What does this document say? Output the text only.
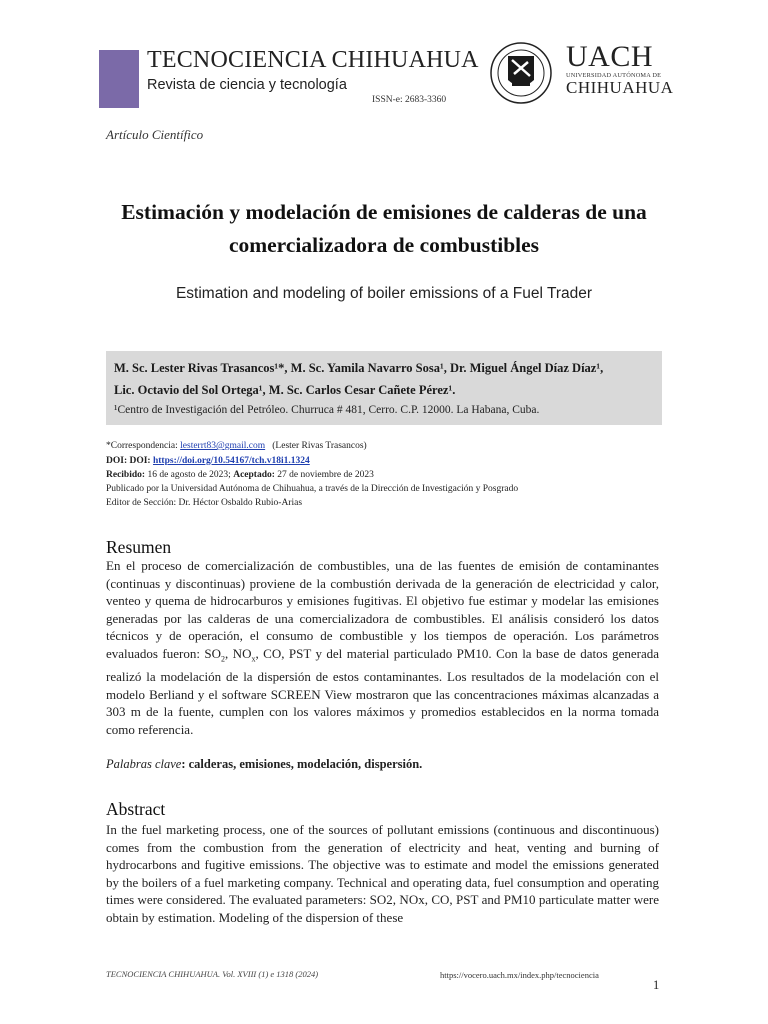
TECNOCIENCIA CHIHUAHUA
Revista de ciencia y tecnología
ISSN-e: 2683-3360
UACH
UNIVERSIDAD AUTÓNOMA DE
CHIHUAHUA
Artículo Científico
Estimación y modelación de emisiones de calderas de una comercializadora de combustibles
Estimation and modeling of boiler emissions of a Fuel Trader
M. Sc. Lester Rivas Trasancos¹*, M. Sc. Yamila Navarro Sosa¹, Dr. Miguel Ángel Díaz Díaz¹,
Lic. Octavio del Sol Ortega¹, M. Sc. Carlos Cesar Cañete Pérez¹.
¹Centro de Investigación del Petróleo. Churruca # 481, Cerro. C.P. 12000. La Habana, Cuba.
*Correspondencia: lesterrt83@gmail.com   (Lester Rivas Trasancos)
DOI: DOI: https://doi.org/10.54167/tch.v18i1.1324
Recibido: 16 de agosto de 2023; Aceptado: 27 de noviembre de 2023
Publicado por la Universidad Autónoma de Chihuahua, a través de la Dirección de Investigación y Posgrado
Editor de Sección: Dr. Héctor Osbaldo Rubio-Arias
Resumen
En el proceso de comercialización de combustibles, una de las fuentes de emisión de contaminantes (continuas y discontinuas) proviene de la combustión derivada de la generación de electricidad y calor, venteo y quema de hidrocarburos y emisiones fugitivas. El objetivo fue estimar y modelar las emisiones generadas por las calderas de una comercializadora de combustibles. El análisis consideró los datos técnicos y de operación, el consumo de combustible y los tiempos de operación. Los parámetros evaluados fueron: $SO_2$, $NO_x$, CO, PST y del material particulado PM10. Con la base de datos generada realizó la modelación de la dispersión de estos contaminantes. Los resultados de la modelación con el modelo Berliand y el software SCREEN View mostraron que las concentraciones máximas alcanzadas a 303 m de la fuente, cumplen con los valores máximos y promedios establecidos en la norma tomada como referencia.
Palabras clave: calderas, emisiones, modelación, dispersión.
Abstract
In the fuel marketing process, one of the sources of pollutant emissions (continuous and discontinuous) comes from the combustion from the generation of electricity and heat, venting and burning of hydrocarbons and fugitive emissions. The objective was to estimate and model the emissions generated by the boilers of a fuel marketing company. Technical and operating data, fuel consumption and operating times were considered. The evaluated parameters: SO2, NOx, CO, PST and PM10 particulate matter were obtain by estimation. Modeling of the dispersion of these
TECNOCIENCIA CHIHUAHUA. Vol. XVIII (1) e 1318 (2024)	https://vocero.uach.mx/index.php/tecnociencia
1
